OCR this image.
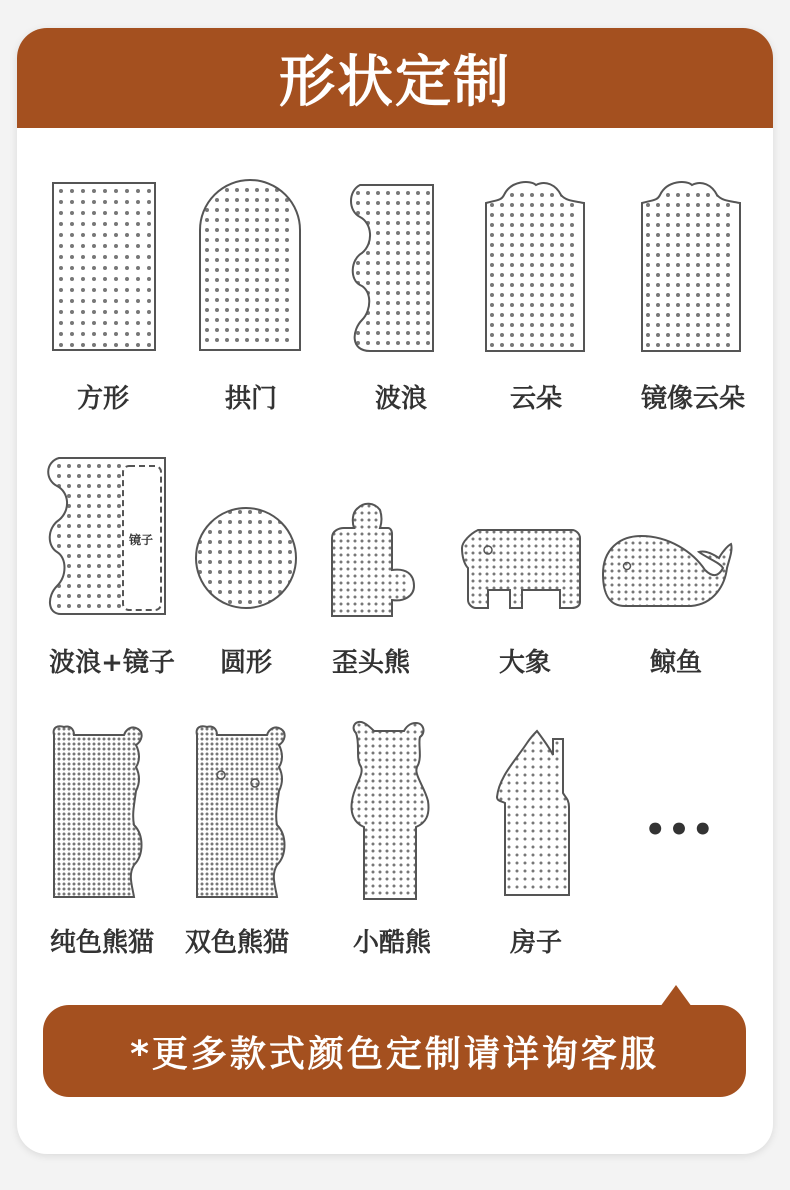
形状定制
镜子
方形	拱门	波浪	云朵	镜像云朵
波浪+镜子	圆形	歪头熊	大象	鲸鱼
纯色熊猫	双色熊猫	小酷熊	房子
•••
*更多款式颜色定制请详询客服
